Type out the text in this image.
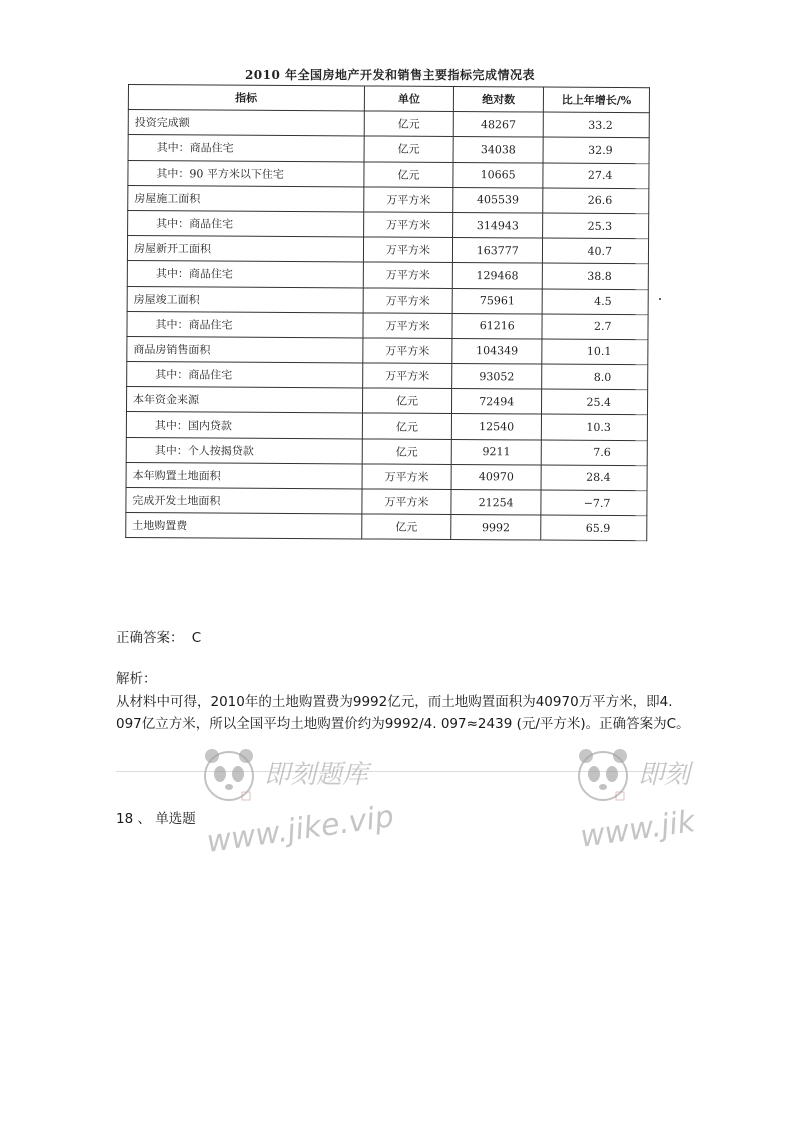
2010 年全国房地产开发和销售主要指标完成情况表
指标	单位	绝对数	比上年增长/%
投资完成额	亿元	48267	33.2
其中：商品住宅	亿元	34038	32.9
其中：90 平方米以下住宅	亿元	10665	27.4
房屋施工面积	万平方米	405539	26.6
其中：商品住宅	万平方米	314943	25.3
房屋新开工面积	万平方米	163777	40.7
其中：商品住宅	万平方米	129468	38.8
房屋竣工面积	万平方米	75961	4.5
其中：商品住宅	万平方米	61216	2.7
商品房销售面积	万平方米	104349	10.1
其中：商品住宅	万平方米	93052	8.0
本年资金来源	亿元	72494	25.4
其中：国内贷款	亿元	12540	10.3
其中：个人按揭贷款	亿元	9211	7.6
本年购置土地面积	万平方米	40970	28.4
完成开发土地面积	万平方米	21254	−7.7
土地购置费	亿元	9992	65.9
正确答案： C
解析：
从材料中可得，2010年的土地购置费为9992亿元，而土地购置面积为40970万平方米，即4. 097亿立方米，所以全国平均土地购置价约为9992/4. 097≈2439 (元/平方米)。正确答案为C。
18 、 单选题
即刻题库
www.jike.vip
即刻
www.jik
